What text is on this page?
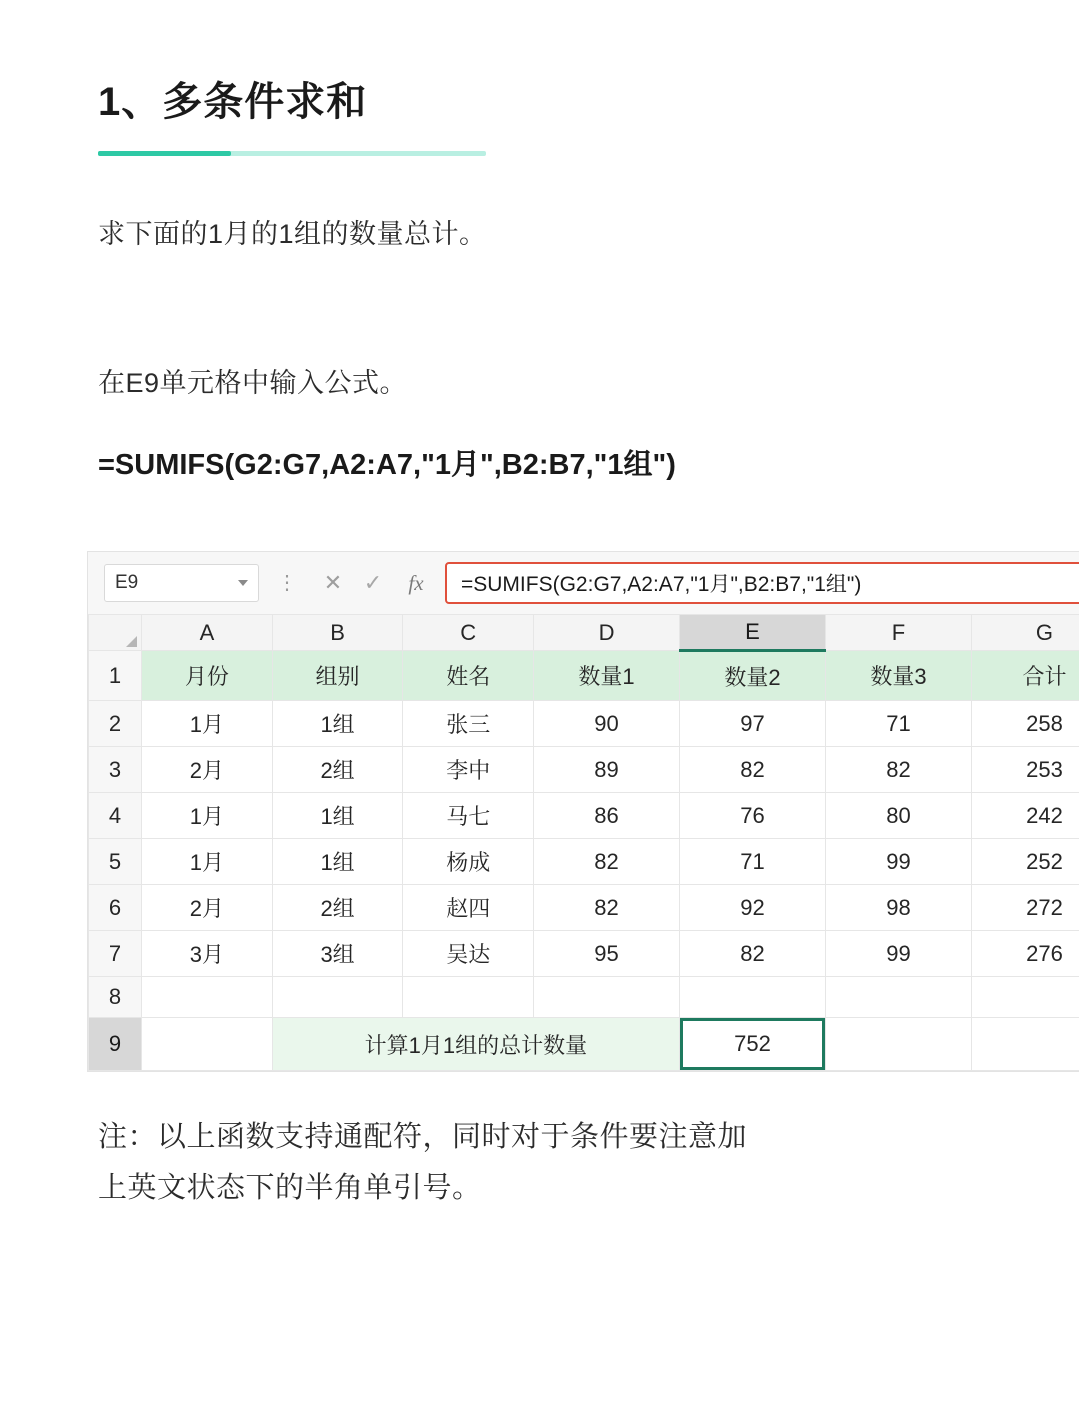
1、多条件求和

求下面的1月的1组的数量总计。

在E9单元格中输入公式。

=SUMIFS(G2:G7,A2:A7,"1月",B2:B7,"1组")

E9	⋮	✕ ✓	fx	=SUMIFS(G2:G7,A2:A7,"1月",B2:B7,"1组")
	A	B	C	D	E	F	G
1	月份	组别	姓名	数量1	数量2	数量3	合计
2	1月	1组	张三	90	97	71	258
3	2月	2组	李中	89	82	82	253
4	1月	1组	马七	86	76	80	242
5	1月	1组	杨成	82	71	99	252
6	2月	2组	赵四	82	92	98	272
7	3月	3组	吴达	95	82	99	276
8							
9		计算1月1组的总计数量			752		

注：以上函数支持通配符，同时对于条件要注意加
上英文状态下的半角单引号。
